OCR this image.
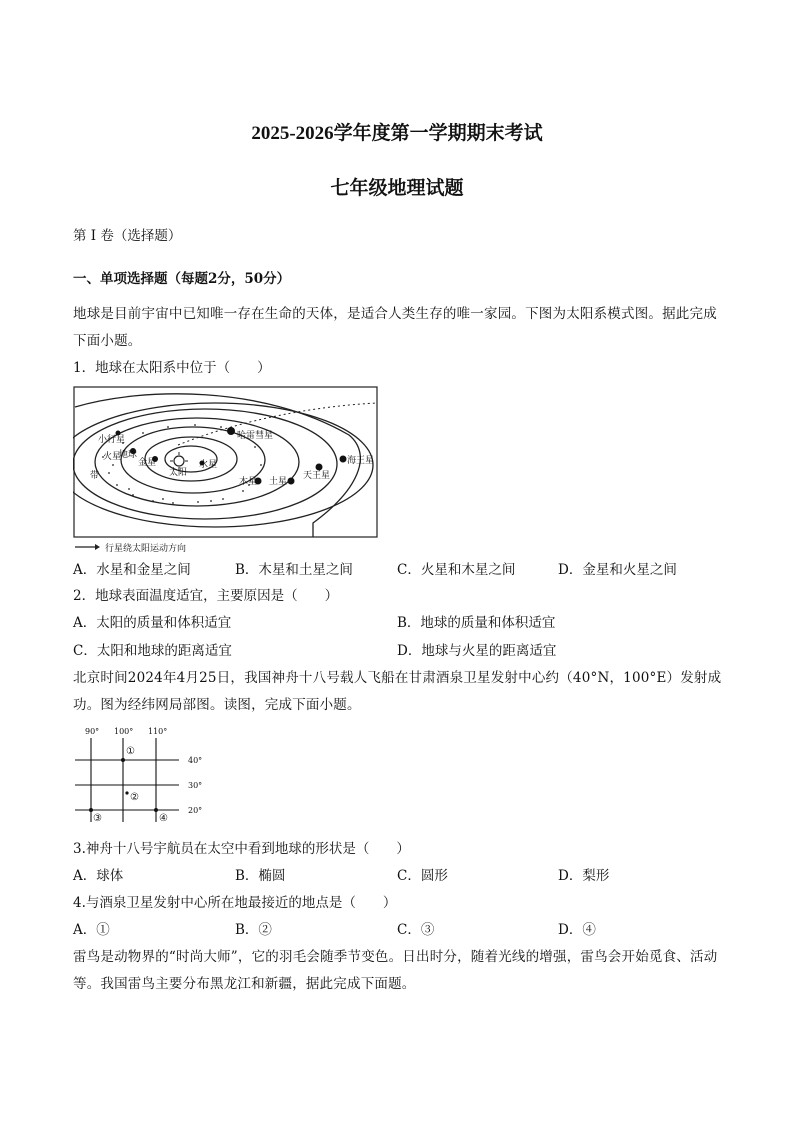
2025-2026学年度第一学期期末考试
七年级地理试题
第 I 卷（选择题）
一、单项选择题（每题2分，50分）
地球是目前宇宙中已知唯一存在生命的天体，是适合人类生存的唯一家园。下图为太阳系模式图。据此完成下面小题。
1．地球在太阳系中位于（　　）
哈雷彗星
小行星
带
地球
金星
太阳
水星
火星
木星 土星
天王星
海王星
行星绕太阳运动方向
A．水星和金星之间	B．木星和土星之间	C．火星和木星之间	D．金星和火星之间
2．地球表面温度适宜，主要原因是（　　）
A．太阳的质量和体积适宜	B．地球的质量和体积适宜
C．太阳和地球的距离适宜	D．地球与火星的距离适宜
北京时间2024年4月25日，我国神舟十八号载人飞船在甘肃酒泉卫星发射中心约（40°N，100°E）发射成功。图为经纬网局部图。读图，完成下面小题。
90° 100° 110°
40°
30°
20°
①
②
③	④
3.神舟十八号宇航员在太空中看到地球的形状是（　　）
A．球体	B．椭圆	C．圆形	D．梨形
4.与酒泉卫星发射中心所在地最接近的地点是（　　）
A．①	B．②	C．③	D．④
雷鸟是动物界的“时尚大师”，它的羽毛会随季节变色。日出时分，随着光线的增强，雷鸟会开始觅食、活动等。我国雷鸟主要分布黑龙江和新疆，据此完成下面题。
